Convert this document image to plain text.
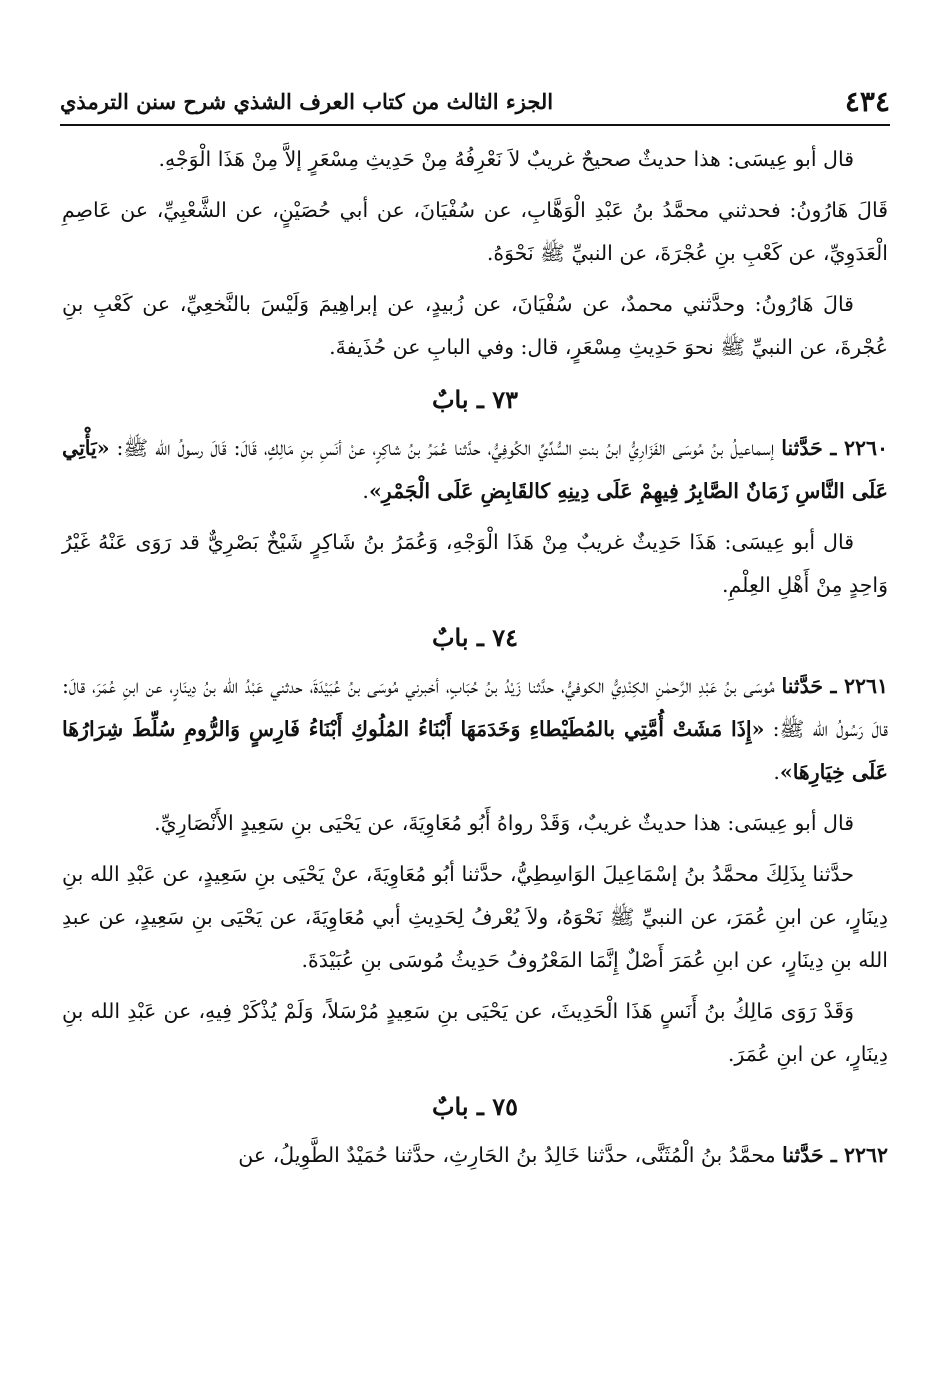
٤٣٤
الجزء الثالث من كتاب العرف الشذي شرح سنن الترمذي

قال أبو عِيسَى: هذا حديثٌ صحيحٌ غريبٌ لاَ نَعْرِفُهُ مِنْ حَدِيثِ مِسْعَرٍ إلاَّ مِنْ هَذَا الْوَجْهِ.

قَالَ هَارُونُ: فحدثني محمَّدُ بنُ عَبْدِ الْوَهَّابِ، عن سُفْيَانَ، عن أبي حُصَيْنٍ، عن الشَّعْبِيِّ، عن عَاصِمِ الْعَدَوِيِّ، عن كَعْبِ بنِ عُجْرَةَ، عن النبيِّ ﷺ نَحْوَهُ.

قالَ هَارُونُ: وحدَّثني محمدٌ، عن سُفْيَانَ، عن زُبيدٍ، عن إبراهِيمَ وَلَيْسَ بالنَّخعِيِّ، عن كَعْبِ بنِ عُجْرةَ، عن النبيِّ ﷺ نحوَ حَدِيثِ مِسْعَرٍ، قال: وفي البابِ عن حُذَيفةَ.

٧٣ ـ بابٌ

٢٢٦٠ ـ حَدَّثنا إسماعيلُ بنُ مُوسَى الفَزَارِيُّ ابنُ بنتِ السُّدِّيِّ الكُوفِيُّ، حدَّثنا عُمَرُ بنُ شاكِرٍ، عنْ أنَسِ بنِ مَالِكٍ، قَالَ: قَالَ رسولُ الله ﷺ: «يَأْتِي عَلَى النَّاسِ زَمَانٌ الصَّابِرُ فِيهِمْ عَلَى دِينِهِ كالقَابِضِ عَلَى الْجَمْرِ».

قال أبو عِيسَى: هَذَا حَدِيثٌ غريبٌ مِنْ هَذَا الْوَجْهِ، وَعُمَرُ بنُ شَاكِرٍ شَيْخٌ بَصْرِيٌّ قد رَوَى عَنْهُ غَيْرُ وَاحِدٍ مِنْ أَهْلِ العِلْمِ.

٧٤ ـ بابٌ

٢٢٦١ ـ حَدَّثنا مُوسَى بنُ عَبْدِ الرَّحمٰنِ الكِنْدِيُّ الكوفيُّ، حدَّثنا زَيْدُ بنُ حُبَابٍ، أخبرني مُوسَى بنُ عُبَيْدَةَ، حدثني عَبْدُ الله بنُ دِينَارٍ، عن ابنِ عُمَرَ، قالَ: قالَ رَسُولُ الله ﷺ: «إِذَا مَشَتْ أُمَّتِي بالمُطَيْطاءِ وَخَدَمَهَا أَبْنَاءُ المُلُوكِ أَبْنَاءُ فَارِسٍ وَالرُّومِ سُلِّطَ شِرَارُهَا عَلَى خِيَارِهَا».

قال أبو عِيسَى: هذا حديثٌ غريبٌ، وَقَدْ رواهُ أَبُو مُعَاوِيَةَ، عن يَحْيَى بنِ سَعِيدٍ الأَنْصَارِيِّ.

حدَّثنا بِذَلِكَ محمَّدُ بنُ إسْمَاعِيلَ الوَاسِطِيُّ، حدَّثنا أبُو مُعَاوِيَةَ، عنْ يَحْيَى بنِ سَعِيدٍ، عن عَبْدِ الله بنِ دِينَارٍ، عن ابنِ عُمَرَ، عن النبيِّ ﷺ نَحْوَهُ، ولاَ يُعْرفُ لِحَدِيثِ أبي مُعَاوِيَةَ، عن يَحْيَى بنِ سَعِيدٍ، عن عبدِ الله بنِ دِينَارٍ، عن ابنِ عُمَرَ أَصْلٌ إِنَّمَا المَعْرُوفُ حَدِيثُ مُوسَى بنِ عُبَيْدَةَ.

وَقَدْ رَوَى مَالِكُ بنُ أَنَسٍ هَذَا الْحَدِيثَ، عن يَحْيَى بنِ سَعِيدٍ مُرْسَلاً، وَلَمْ يُذْكَرْ فِيهِ، عن عَبْدِ الله بنِ دِينَارٍ، عن ابنِ عُمَرَ.

٧٥ ـ بابٌ

٢٢٦٢ ـ حَدَّثنا محمَّدُ بنُ الْمُثَنَّى، حدَّثنا خَالِدُ بنُ الحَارِثِ، حدَّثنا حُمَيْدٌ الطَّوِيلُ، عن
